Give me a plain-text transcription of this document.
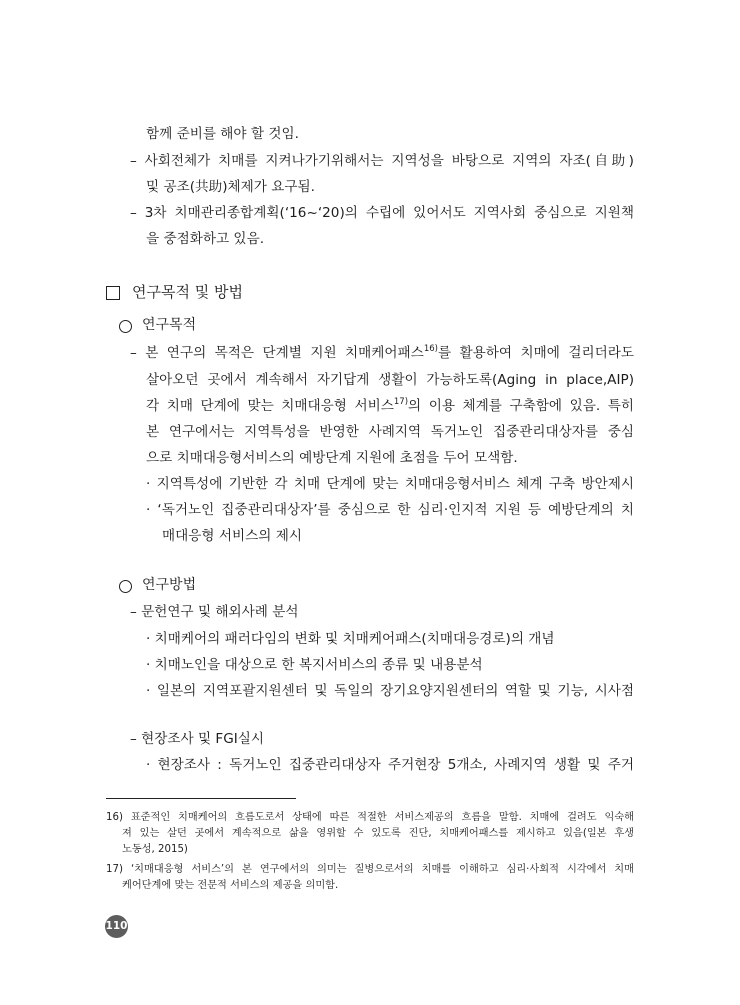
함께 준비를 해야 할 것임.
– 사회전체가 치매를 지켜나가기위해서는 지역성을 바탕으로 지역의 자조(自助)
및 공조(共助)체제가 요구됨.
– 3차 치매관리종합계획(‘16~‘20)의 수립에 있어서도 지역사회 중심으로 지원책
을 중점화하고 있음.
연구목적 및 방법
연구목적
– 본 연구의 목적은 단계별 지원 치매케어패스$^{16)}$를 활용하여 치매에 걸리더라도
살아오던 곳에서 계속해서 자기답게 생활이 가능하도록(Aging in place,AIP)
각 치매 단계에 맞는 치매대응형 서비스$^{17)}$의 이용 체계를 구축함에 있음. 특히
본 연구에서는 지역특성을 반영한 사례지역 독거노인 집중관리대상자를 중심
으로 치매대응형서비스의 예방단계 지원에 초점을 두어 모색함.
· 지역특성에 기반한 각 치매 단계에 맞는 치매대응형서비스 체계 구축 방안제시
· ‘독거노인 집중관리대상자’를 중심으로 한 심리·인지적 지원 등 예방단계의 치
매대응형 서비스의 제시
연구방법
– 문헌연구 및 해외사례 분석
· 치매케어의 패러다임의 변화 및 치매케어패스(치매대응경로)의 개념
· 치매노인을 대상으로 한 복지서비스의 종류 및 내용분석
· 일본의 지역포괄지원센터 및 독일의 장기요양지원센터의 역할 및 기능, 시사점
– 현장조사 및 FGI실시
· 현장조사 : 독거노인 집중관리대상자 주거현장 5개소, 사례지역 생활 및 주거
16) 표준적인 치매케어의 흐름도로서 상태에 따른 적절한 서비스제공의 흐름을 말함. 치매에 걸려도 익숙해
져 있는 살던 곳에서 계속적으로 삶을 영위할 수 있도록 진단, 치매케어패스를 제시하고 있음(일본 후생
노동성, 2015)
17) ‘치매대응형 서비스’의 본 연구에서의 의미는 질병으로서의 치매를 이해하고 심리·사회적 시각에서 치매
케어단계에 맞는 전문적 서비스의 제공을 의미함.
110
